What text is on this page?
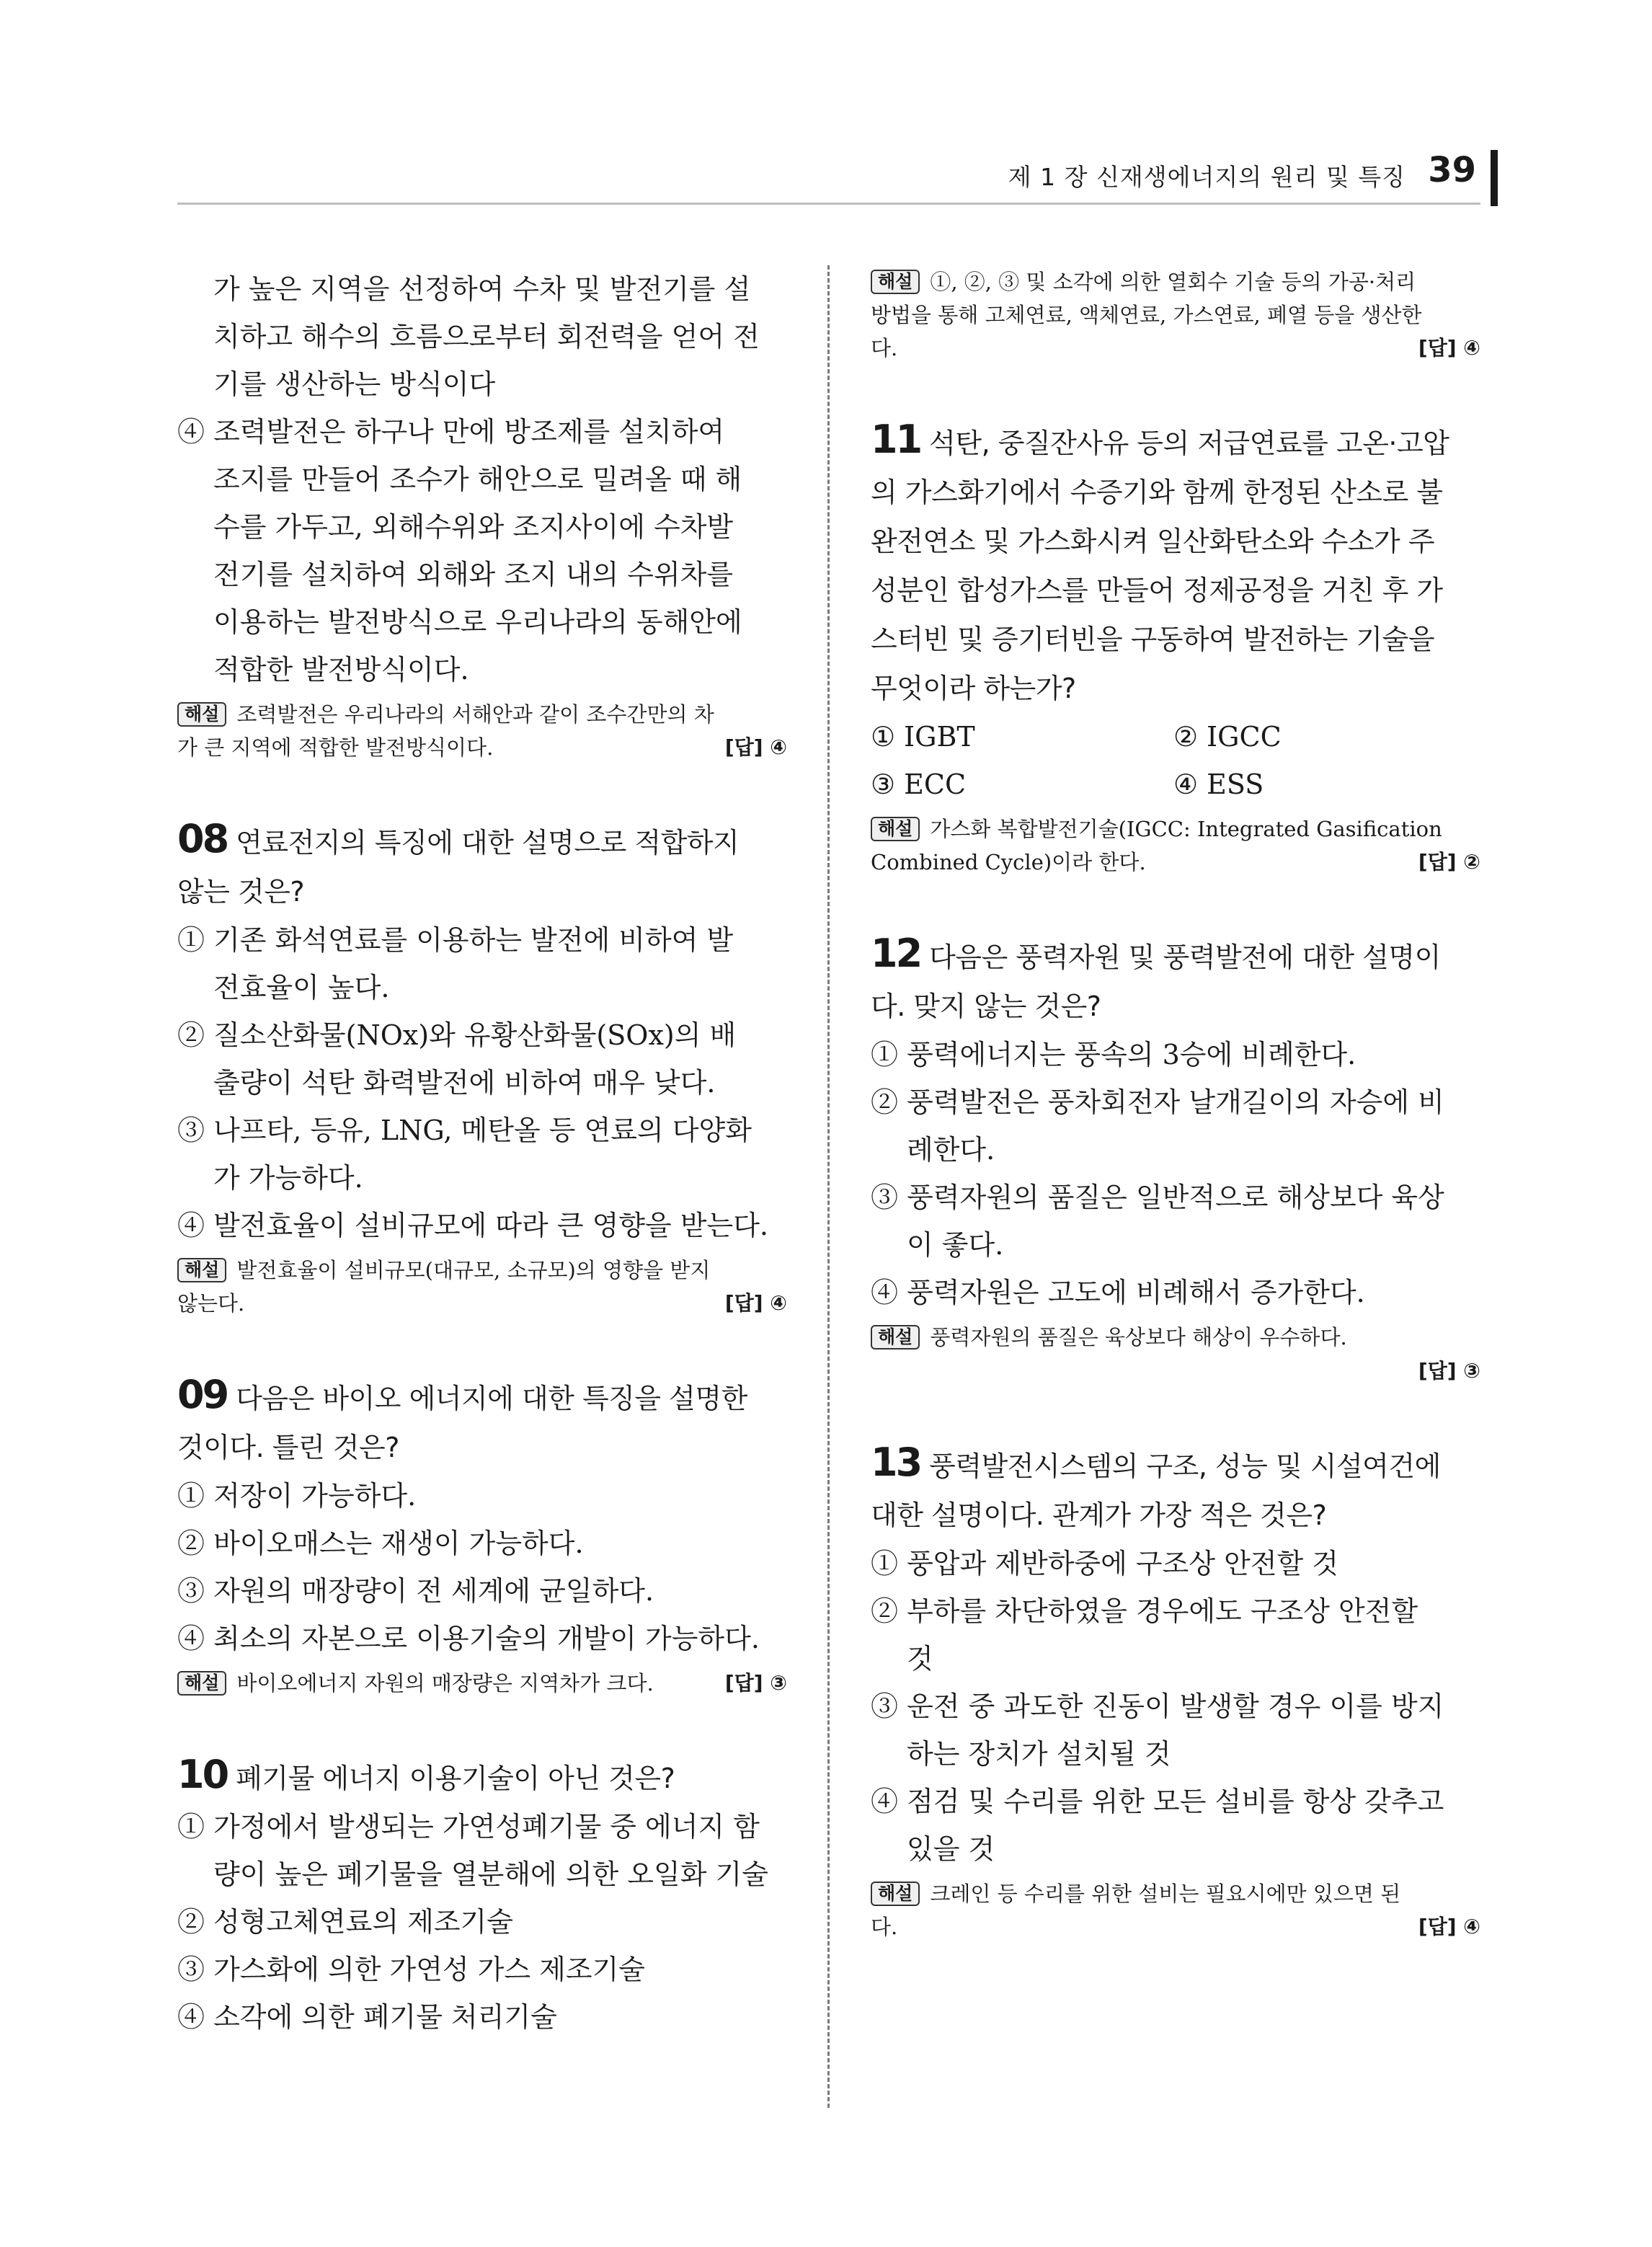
제 1 장 신재생에너지의 원리 및 특징 39
가 높은 지역을 선정하여 수차 및 발전기를 설
치하고 해수의 흐름으로부터 회전력을 얻어 전
기를 생산하는 방식이다
④ 조력발전은 하구나 만에 방조제를 설치하여
조지를 만들어 조수가 해안으로 밀려올 때 해
수를 가두고, 외해수위와 조지사이에 수차발
전기를 설치하여 외해와 조지 내의 수위차를
이용하는 발전방식으로 우리나라의 동해안에
적합한 발전방식이다.
해설 조력발전은 우리나라의 서해안과 같이 조수간만의 차
가 큰 지역에 적합한 발전방식이다.	[답] ④
08 연료전지의 특징에 대한 설명으로 적합하지
않는 것은?
① 기존 화석연료를 이용하는 발전에 비하여 발
전효율이 높다.
② 질소산화물(NOx)와 유황산화물(SOx)의 배
출량이 석탄 화력발전에 비하여 매우 낮다.
③ 나프타, 등유, LNG, 메탄올 등 연료의 다양화
가 가능하다.
④ 발전효율이 설비규모에 따라 큰 영향을 받는다.
해설 발전효율이 설비규모(대규모, 소규모)의 영향을 받지
않는다.	[답] ④
09 다음은 바이오 에너지에 대한 특징을 설명한
것이다. 틀린 것은?
① 저장이 가능하다.
② 바이오매스는 재생이 가능하다.
③ 자원의 매장량이 전 세계에 균일하다.
④ 최소의 자본으로 이용기술의 개발이 가능하다.
해설 바이오에너지 자원의 매장량은 지역차가 크다.	[답] ③
10 폐기물 에너지 이용기술이 아닌 것은?
① 가정에서 발생되는 가연성폐기물 중 에너지 함
량이 높은 폐기물을 열분해에 의한 오일화 기술
② 성형고체연료의 제조기술
③ 가스화에 의한 가연성 가스 제조기술
④ 소각에 의한 폐기물 처리기술
해설 ①, ②, ③ 및 소각에 의한 열회수 기술 등의 가공·처리
방법을 통해 고체연료, 액체연료, 가스연료, 폐열 등을 생산한
다.	[답] ④
11 석탄, 중질잔사유 등의 저급연료를 고온·고압
의 가스화기에서 수증기와 함께 한정된 산소로 불
완전연소 및 가스화시켜 일산화탄소와 수소가 주
성분인 합성가스를 만들어 정제공정을 거친 후 가
스터빈 및 증기터빈을 구동하여 발전하는 기술을
무엇이라 하는가?
① IGBT	② IGCC
③ ECC	④ ESS
해설 가스화 복합발전기술(IGCC: Integrated Gasification
Combined Cycle)이라 한다.	[답] ②
12 다음은 풍력자원 및 풍력발전에 대한 설명이
다. 맞지 않는 것은?
① 풍력에너지는 풍속의 3승에 비례한다.
② 풍력발전은 풍차회전자 날개길이의 자승에 비
례한다.
③ 풍력자원의 품질은 일반적으로 해상보다 육상
이 좋다.
④ 풍력자원은 고도에 비례해서 증가한다.
해설 풍력자원의 품질은 육상보다 해상이 우수하다.
[답] ③
13 풍력발전시스템의 구조, 성능 및 시설여건에
대한 설명이다. 관계가 가장 적은 것은?
① 풍압과 제반하중에 구조상 안전할 것
② 부하를 차단하였을 경우에도 구조상 안전할
것
③ 운전 중 과도한 진동이 발생할 경우 이를 방지
하는 장치가 설치될 것
④ 점검 및 수리를 위한 모든 설비를 항상 갖추고
있을 것
해설 크레인 등 수리를 위한 설비는 필요시에만 있으면 된
다.	[답] ④
